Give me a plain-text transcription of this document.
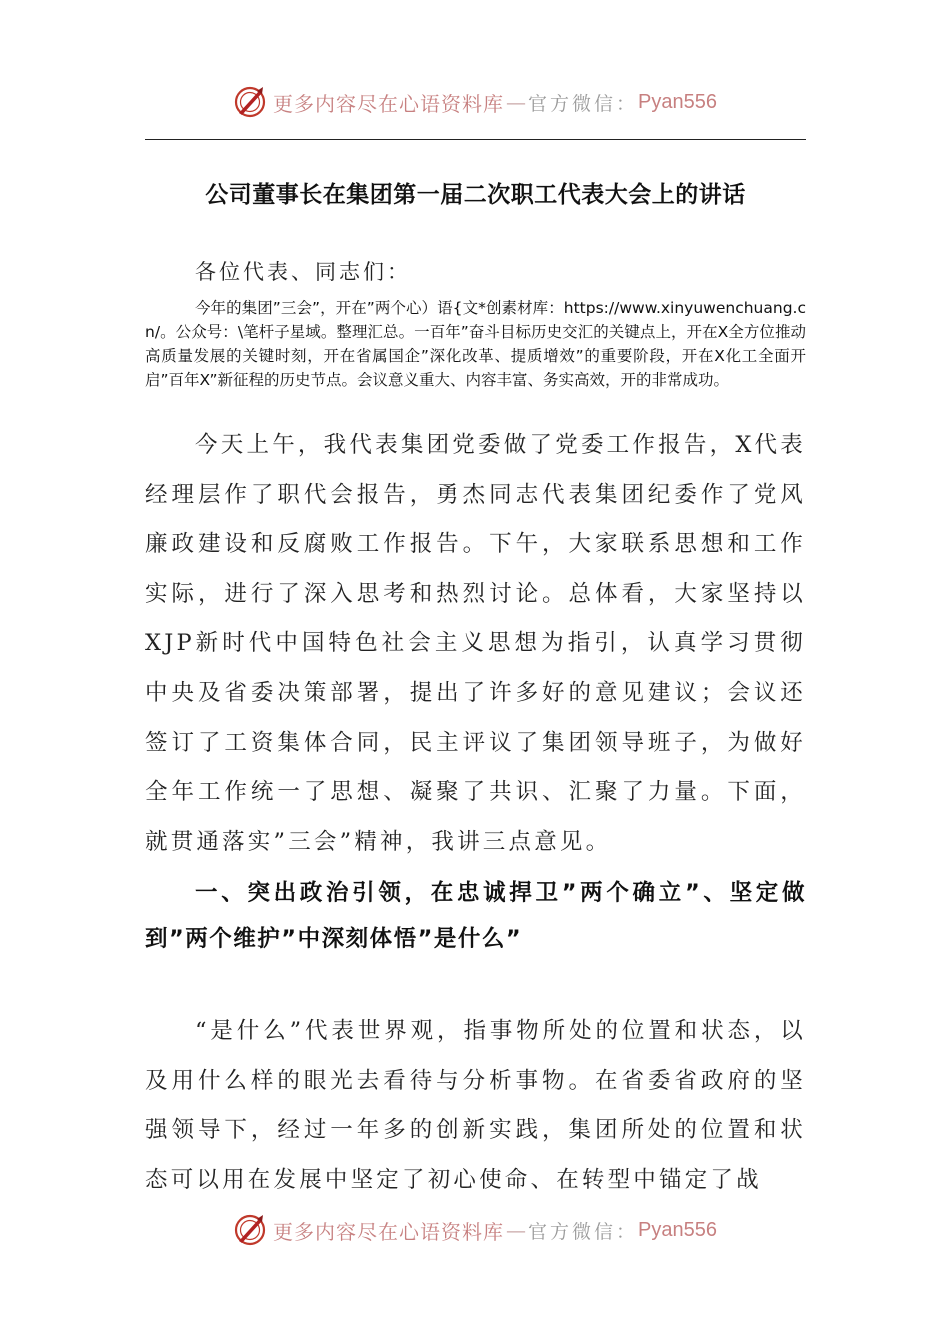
更多内容尽在心语资料库 — 官方微信： Pyan556
公司董事长在集团第一届二次职工代表大会上的讲话
各位代表、同志们：
今年的集团”三会”，开在”两个心）语{文*创素材库：https://www.xinyuwenchuang.cn/。公众号：\笔杆子星域。整理汇总。一百年”奋斗目标历史交汇的关键点上，开在X全方位推动高质量发展的关键时刻，开在省属国企”深化改革、提质增效”的重要阶段，开在X化工全面开启”百年X”新征程的历史节点。会议意义重大、内容丰富、务实高效，开的非常成功。
今天上午，我代表集团党委做了党委工作报告，X代表经理层作了职代会报告，勇杰同志代表集团纪委作了党风廉政建设和反腐败工作报告。下午，大家联系思想和工作实际，进行了深入思考和热烈讨论。总体看，大家坚持以XJP新时代中国特色社会主义思想为指引，认真学习贯彻中央及省委决策部署，提出了许多好的意见建议；会议还签订了工资集体合同，民主评议了集团领导班子，为做好全年工作统一了思想、凝聚了共识、汇聚了力量。下面，就贯通落实”三会”精神，我讲三点意见。
一、突出政治引领，在忠诚捍卫”两个确立”、坚定做到”两个维护”中深刻体悟”是什么”
“是什么”代表世界观，指事物所处的位置和状态，以及用什么样的眼光去看待与分析事物。在省委省政府的坚强领导下，经过一年多的创新实践，集团所处的位置和状态可以用在发展中坚定了初心使命、在转型中锚定了战
更多内容尽在心语资料库 — 官方微信： Pyan556
